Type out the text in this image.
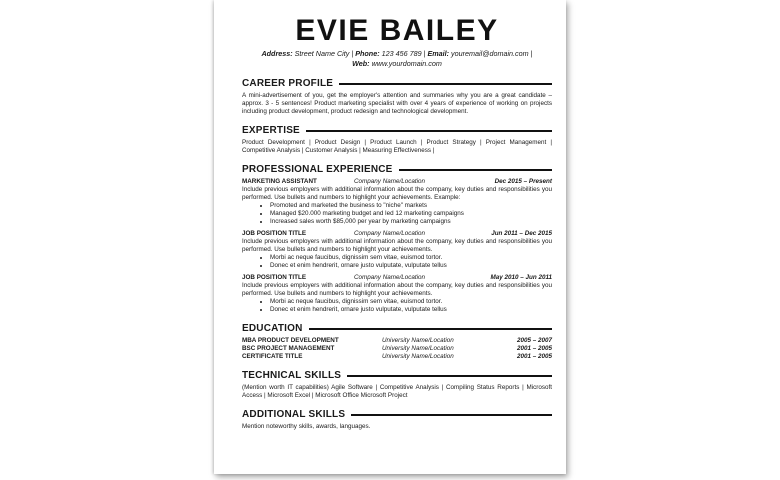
EVIE BAILEY
Address: Street Name City | Phone: 123 456 789 | Email: youremail@domain.com |
Web: www.yourdomain.com
CAREER PROFILE
A mini-advertisement of you, get the employer's attention and summaries why you are a great candidate – approx. 3 - 5 sentences! Product marketing specialist with over 4 years of experience of working on projects including product development, product redesign and technological development.
EXPERTISE
Product Development | Product Design | Product Launch | Product Strategy | Project Management | Competitive Analysis | Customer Analysis | Measuring Effectiveness |
PROFESSIONAL EXPERIENCE
MARKETING ASSISTANT	Company Name/Location	Dec 2015 – Present
Include previous employers with additional information about the company, key duties and responsibilities you performed. Use bullets and numbers to highlight your achievements. Example:
• Promoted and marketed the business to "niche" markets
• Managed $20.000 marketing budget and led 12 marketing campaigns
• Increased sales worth $85,000 per year by marketing campaigns
JOB POSITION TITLE	Company Name/Location	Jun 2011 – Dec 2015
Include previous employers with additional information about the company, key duties and responsibilities you performed. Use bullets and numbers to highlight your achievements.
• Morbi ac neque faucibus, dignissim sem vitae, euismod tortor.
• Donec et enim hendrerit, ornare justo vulputate, vulputate tellus
JOB POSITION TITLE	Company Name/Location	May 2010 – Jun 2011
Include previous employers with additional information about the company, key duties and responsibilities you performed. Use bullets and numbers to highlight your achievements.
• Morbi ac neque faucibus, dignissim sem vitae, euismod tortor.
• Donec et enim hendrerit, ornare justo vulputate, vulputate tellus
EDUCATION
MBA PRODUCT DEVELOPMENT	University Name/Location	2005 – 2007
BSC PROJECT MANAGEMENT	University Name/Location	2001 – 2005
CERTIFICATE TITLE	University Name/Location	2001 – 2005
TECHNICAL SKILLS
(Mention worth IT capabilities) Agile Software | Competitive Analysis | Compiling Status Reports | Microsoft Access | Microsoft Excel | Microsoft Office Microsoft Project
ADDITIONAL SKILLS
Mention noteworthy skills, awards, languages.
